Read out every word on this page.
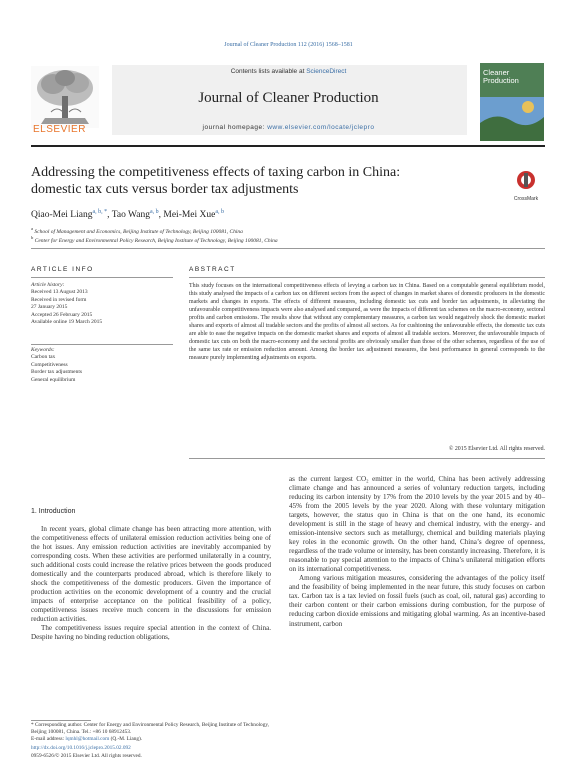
Journal of Cleaner Production 112 (2016) 1568–1581
ELSEVIER
Contents lists available at ScienceDirect
Journal of Cleaner Production
journal homepage: www.elsevier.com/locate/jclepro
Cleaner Production
Addressing the competitiveness effects of taxing carbon in China:
domestic tax cuts versus border tax adjustments
CrossMark
Qiao-Mei Liang$^{a, b, *}$, Tao Wang$^{a, b}$, Mei-Mei Xue$^{a, b}$
$^a$ School of Management and Economics, Beijing Institute of Technology, Beijing 100081, China
$^b$ Center for Energy and Environmental Policy Research, Beijing Institute of Technology, Beijing 100081, China
ARTICLE INFO	ABSTRACT
Article history:
Received 13 August 2013
Received in revised form
27 January 2015
Accepted 26 February 2015
Available online 19 March 2015
Keywords:
Carbon tax
Competitiveness
Border tax adjustments
General equilibrium
This study focuses on the international competitiveness effects of levying a carbon tax in China. Based on a computable general equilibrium model, this study analysed the impacts of a carbon tax on different sectors from the aspect of changes in market shares of domestic producers in the domestic markets and changes in exports. The effects of different measures, including domestic tax cuts and border tax adjustments, in alleviating the unfavourable competitiveness impacts were also analysed and compared, as were the impacts of different tax schemes on the macro-economy, sectoral profits and carbon emissions. The results show that without any complementary measures, a carbon tax would negatively shock the domestic market shares and exports of almost all tradable sectors and the profits of almost all sectors. As for cushioning the unfavourable effects, the domestic tax cuts are able to ease the negative impacts on the domestic market shares and exports of almost all tradable sectors. Moreover, the unfavourable impacts of domestic tax cuts on both the macro-economy and the sectoral profits are obviously smaller than those of the other schemes, regardless of the use of the same tax rate or emission reduction amount. Among the border tax adjustment measures, the best performance in general corresponds to the measure purely implementing adjustments on exports.
© 2015 Elsevier Ltd. All rights reserved.
1. Introduction

In recent years, global climate change has been attracting more attention, with the competitiveness effects of unilateral emission reduction activities being one of the hot issues. Any emission reduction activities are inevitably accompanied by corresponding costs. When these activities are performed unilaterally in a country, such additional costs could increase the relative prices between the goods produced domestically and the counterparts produced abroad, which is therefore likely to shock the competitiveness of the domestic producers. Given the importance of production activities on the economic development of a country and the crucial impacts of enterprise acceptance on the political feasibility of a policy, competitiveness issues receive much concern in the discussions for emission reduction activities.

The competitiveness issues require special attention in the context of China. Despite having no binding reduction obligations,

as the current largest CO₂ emitter in the world, China has been actively addressing climate change and has announced a series of voluntary reduction targets, including reducing its carbon intensity by 17% from the 2010 levels by the year 2015 and by 40–45% from the 2005 levels by the year 2020. Along with these voluntary mitigation targets, however, the status quo in China is that on the one hand, its economic development is still in the stage of heavy and chemical industry, with the energy- and emission-intensive sectors such as metallurgy, chemical and building materials playing key roles in the economic growth. On the other hand, China’s degree of openness, regardless of the trade volume or intensity, has been constantly increasing. Therefore, it is reasonable to pay special attention to the impacts of China’s unilateral mitigation efforts on its international competitiveness.

Among various mitigation measures, considering the advantages of the policy itself and the feasibility of being implemented in the near future, this study focuses on carbon tax. Carbon tax is a tax levied on fossil fuels (such as coal, oil, natural gas) according to their carbon content or their carbon emissions during combustion, for the purpose of reducing carbon dioxide emissions and mitigating global warming. As an incentive-based instrument, carbon

* Corresponding author. Center for Energy and Environmental Policy Research, Beijing Institute of Technology, Beijing 100081, China. Tel.: +86 10 68912453.
E-mail address: lqmhl@hotmail.com (Q.-M. Liang).
http://dx.doi.org/10.1016/j.jclepro.2015.02.092
0959-6526/© 2015 Elsevier Ltd. All rights reserved.
